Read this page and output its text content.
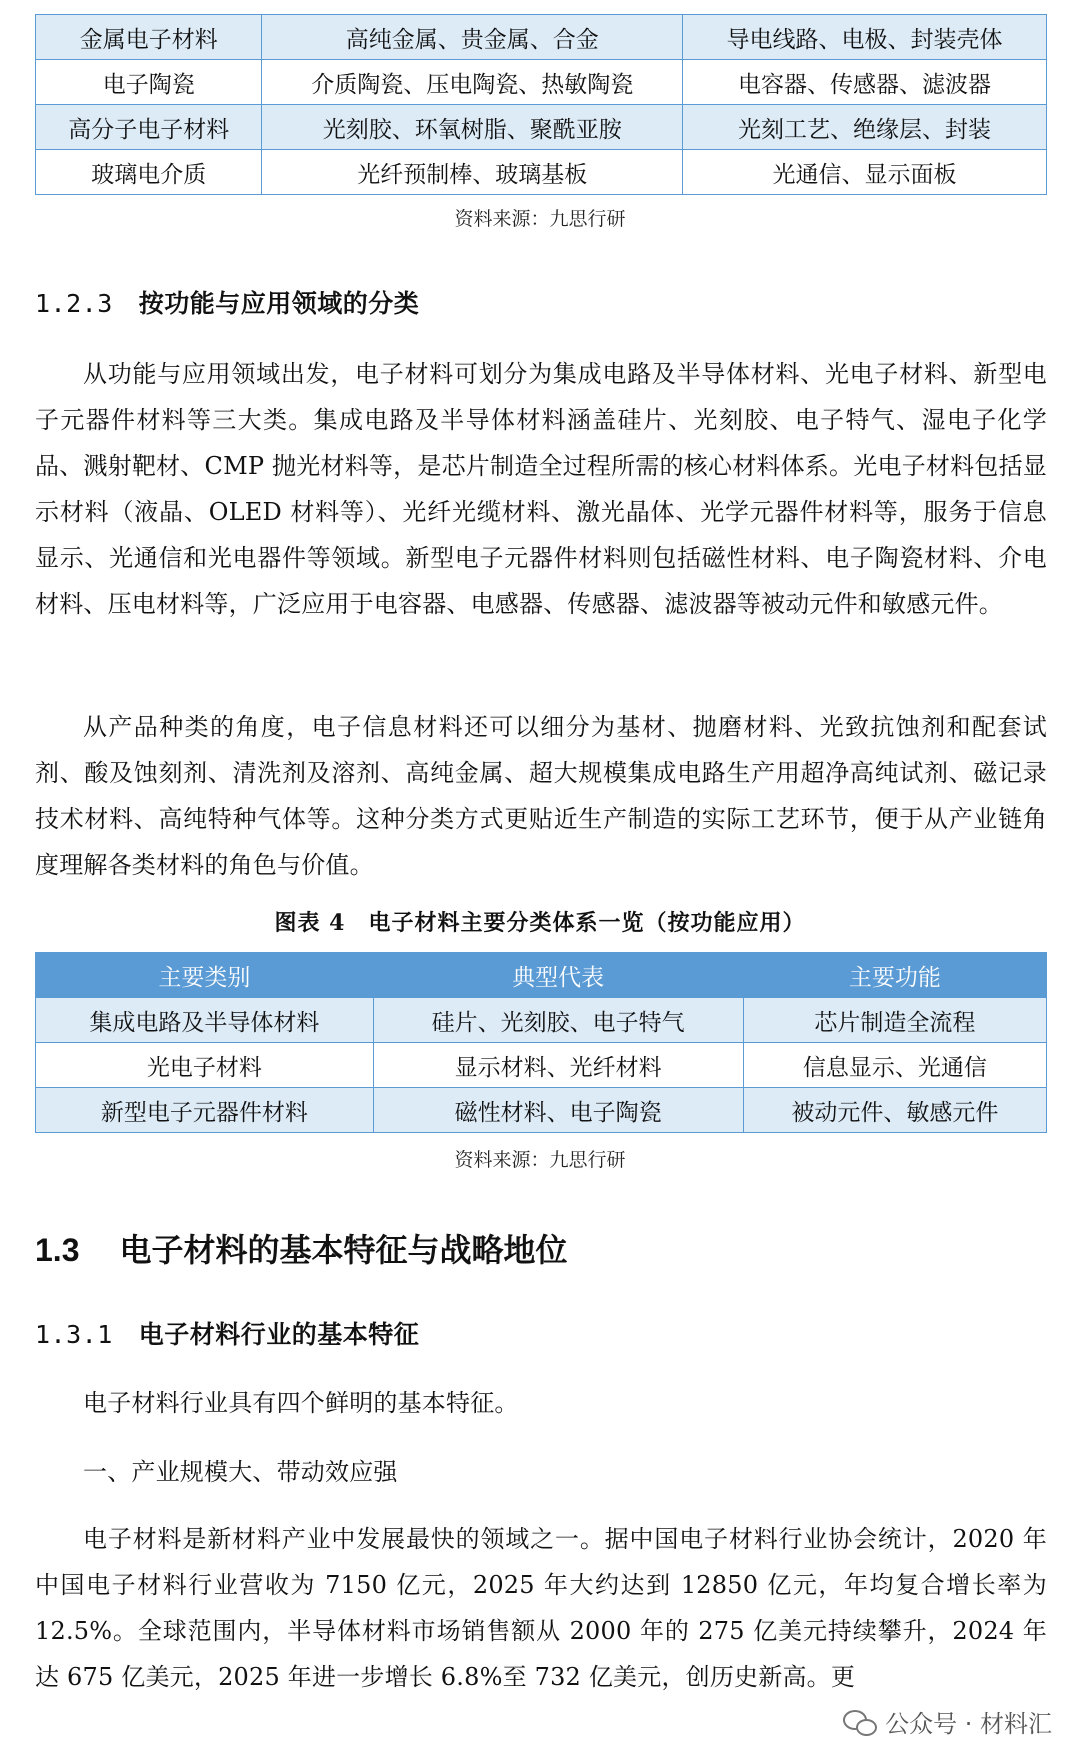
金属电子材料	高纯金属、贵金属、合金	导电线路、电极、封装壳体
电子陶瓷	介质陶瓷、压电陶瓷、热敏陶瓷	电容器、传感器、滤波器
高分子电子材料	光刻胶、环氧树脂、聚酰亚胺	光刻工艺、绝缘层、封装
玻璃电介质	光纤预制棒、玻璃基板	光通信、显示面板
资料来源：九思行研
1.2.3 按功能与应用领域的分类

从功能与应用领域出发，电子材料可划分为集成电路及半导体材料、光电子材料、新型电子元器件材料等三大类。集成电路及半导体材料涵盖硅片、光刻胶、电子特气、湿电子化学品、溅射靶材、CMP 抛光材料等，是芯片制造全过程所需的核心材料体系。光电子材料包括显示材料（液晶、OLED 材料等）、光纤光缆材料、激光晶体、光学元器件材料等，服务于信息显示、光通信和光电器件等领域。新型电子元器件材料则包括磁性材料、电子陶瓷材料、介电材料、压电材料等，广泛应用于电容器、电感器、传感器、滤波器等被动元件和敏感元件。

从产品种类的角度，电子信息材料还可以细分为基材、抛磨材料、光致抗蚀剂和配套试剂、酸及蚀刻剂、清洗剂及溶剂、高纯金属、超大规模集成电路生产用超净高纯试剂、磁记录技术材料、高纯特种气体等。这种分类方式更贴近生产制造的实际工艺环节，便于从产业链角度理解各类材料的角色与价值。

图表 4　电子材料主要分类体系一览（按功能应用）
主要类别	典型代表	主要功能
集成电路及半导体材料	硅片、光刻胶、电子特气	芯片制造全流程
光电子材料	显示材料、光纤材料	信息显示、光通信
新型电子元器件材料	磁性材料、电子陶瓷	被动元件、敏感元件
资料来源：九思行研
1.3 电子材料的基本特征与战略地位
1.3.1 电子材料行业的基本特征

电子材料行业具有四个鲜明的基本特征。

一、产业规模大、带动效应强

电子材料是新材料产业中发展最快的领域之一。据中国电子材料行业协会统计，2020 年中国电子材料行业营收为 7150 亿元，2025 年大约达到 12850 亿元，年均复合增长率为 12.5%。全球范围内，半导体材料市场销售额从 2000 年的 275 亿美元持续攀升，2024 年达 675 亿美元，2025 年进一步增长 6.8%至 732 亿美元，创历史新高。更

公众号 · 材料汇
